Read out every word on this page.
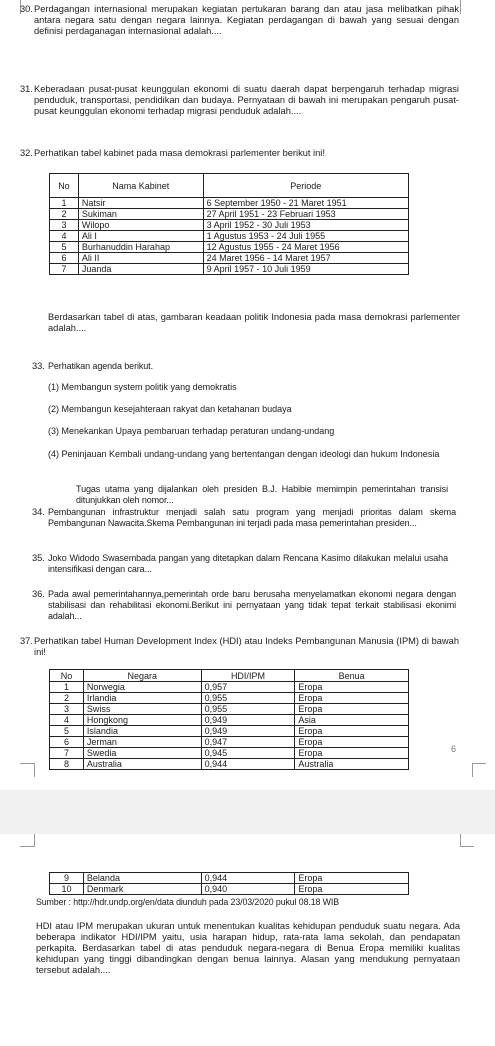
30. Perdagangan internasional merupakan kegiatan pertukaran barang dan atau jasa melibatkan pihak antara negara satu dengan negara lainnya. Kegiatan perdagangan di bawah yang sesuai dengan definisi perdaganagan internasional adalah....

31. Keberadaan pusat-pusat keunggulan ekonomi di suatu daerah dapat berpengaruh terhadap migrasi penduduk, transportasi, pendidikan dan budaya. Pernyataan di bawah ini merupakan pengaruh pusat-pusat keunggulan ekonomi terhadap migrasi penduduk adalah....

32. Perhatikan tabel kabinet pada masa demokrasi parlementer berikut ini!

No	Nama Kabinet	Periode
1	Natsir	6 September 1950 - 21 Maret 1951
2	Sukiman	27 April 1951 - 23 Februari 1953
3	Wilopo	3 April 1952 - 30 Juli 1953
4	Ali I	1 Agustus 1953 - 24 Juli 1955
5	Burhanuddin Harahap	12 Agustus 1955 - 24 Maret 1956
6	Ali II	24 Maret 1956 - 14 Maret 1957
7	Juanda	9 April 1957 - 10 Juli 1959

Berdasarkan tabel di atas, gambaran keadaan politik Indonesia pada masa demokrasi parlementer adalah....

33. Perhatikan agenda berikut.

(1) Membangun system politik yang demokratis
(2) Membangun kesejahteraan rakyat dan ketahanan budaya
(3) Menekankan Upaya pembaruan terhadap peraturan undang-undang
(4) Peninjauan Kembali undang-undang yang bertentangan dengan ideologi dan hukum Indonesia

Tugas utama yang dijalankan oleh presiden B.J. Habibie memimpin pemerintahan transisi ditunjukkan oleh nomor...

34. Pembangunan infrastruktur menjadi salah satu program yang menjadi prioritas dalam skema Pembangunan Nawacita.Skema Pembangunan ini terjadi pada masa pemerintahan presiden...

35. Joko Widodo Swasembada pangan yang ditetapkan dalam Rencana Kasimo dilakukan melalui usaha intensifikasi dengan cara...

36. Pada awal pemerintahannya,pemerintah orde baru berusaha menyelamatkan ekonomi negara dengan stabilisasi dan rehabilitasi ekonomi.Berikut ini pernyataan yang tidak tepat terkait stabilisasi ekonimi adalah...

37. Perhatikan tabel Human Development Index (HDI) atau Indeks Pembangunan Manusia (IPM) di bawah ini!

No	Negara	HDI/IPM	Benua
1	Norwegia	0,957	Eropa
2	Irlandia	0,955	Eropa
3	Swiss	0,955	Eropa
4	Hongkong	0,949	Asia
5	Islandia	0,949	Eropa
6	Jerman	0,947	Eropa
7	Swedia	0,945	Eropa
8	Australia	0,944	Australia
6
9	Belanda	0,944	Eropa
10	Denmark	0,940	Eropa

Sumber : http://hdr.undp.org/en/data diunduh pada 23/03/2020 pukul 08.18 WIB

HDI atau IPM merupakan ukuran untuk menentukan kualitas kehidupan penduduk suatu negara. Ada beberapa indikator HDI/IPM yaitu, usia harapan hidup, rata-rata lama sekolah, dan pendapatan perkapita. Berdasarkan tabel di atas penduduk negara-negara di Benua Eropa memiliki kualitas kehidupan yang tinggi dibandingkan dengan benua lainnya. Alasan yang mendukung pernyataan tersebut adalah....
